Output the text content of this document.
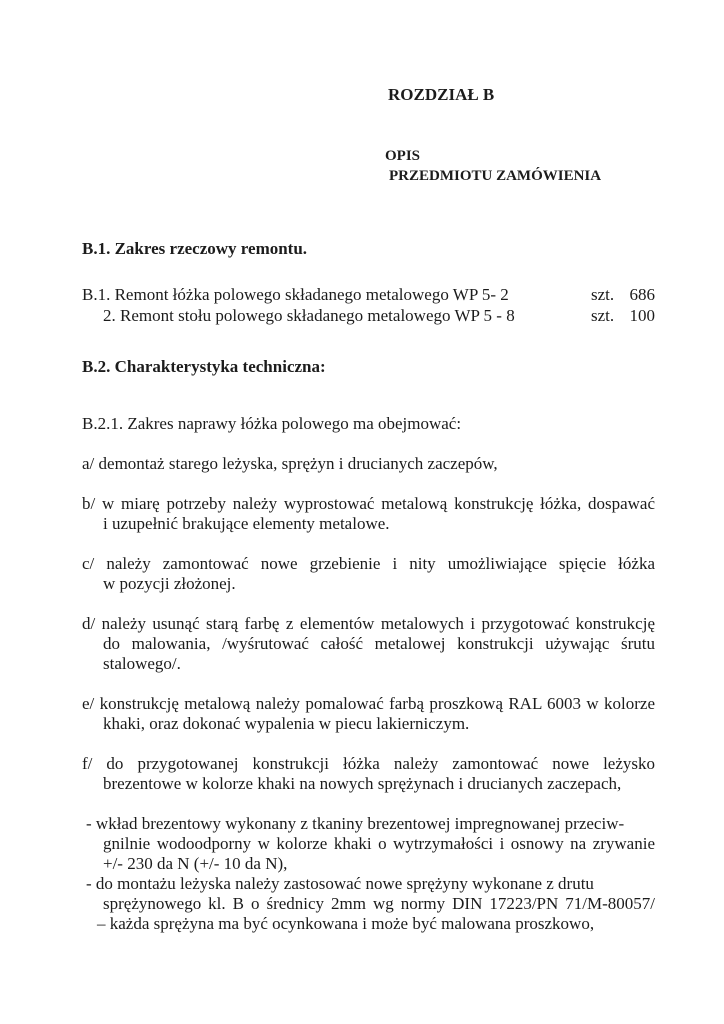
ROZDZIAŁ B
OPIS
PRZEDMIOTU ZAMÓWIENIA
B.1. Zakres rzeczowy remontu.
B.1. Remont łóżka polowego składanego metalowego WP 5- 2	szt. 686
2. Remont stołu polowego składanego metalowego WP 5 - 8	szt. 100
B.2. Charakterystyka techniczna:
B.2.1. Zakres naprawy łóżka polowego ma obejmować:
a/ demontaż starego leżyska, sprężyn i drucianych zaczepów,
b/ w miarę potrzeby należy wyprostować metalową konstrukcję łóżka, dospawać
i uzupełnić brakujące elementy metalowe.
c/ należy zamontować nowe grzebienie i nity umożliwiające spięcie łóżka
w pozycji złożonej.
d/ należy usunąć starą farbę z elementów metalowych i przygotować konstrukcję
do malowania, /wyśrutować całość metalowej konstrukcji używając śrutu
stalowego/.
e/ konstrukcję metalową należy pomalować farbą proszkową RAL 6003 w kolorze
khaki, oraz dokonać wypalenia w piecu lakierniczym.
f/ do przygotowanej konstrukcji łóżka należy zamontować nowe leżysko
brezentowe w kolorze khaki na nowych sprężynach i drucianych zaczepach,
- wkład brezentowy wykonany z tkaniny brezentowej impregnowanej przeciw-
gnilnie wodoodporny w kolorze khaki o wytrzymałości i osnowy na zrywanie
+/- 230 da N (+/- 10 da N),
- do montażu leżyska należy zastosować nowe sprężyny wykonane z drutu
sprężynowego kl. B o średnicy 2mm wg normy DIN 17223/PN 71/M-80057/
– każda sprężyna ma być ocynkowana i może być malowana proszkowo,
